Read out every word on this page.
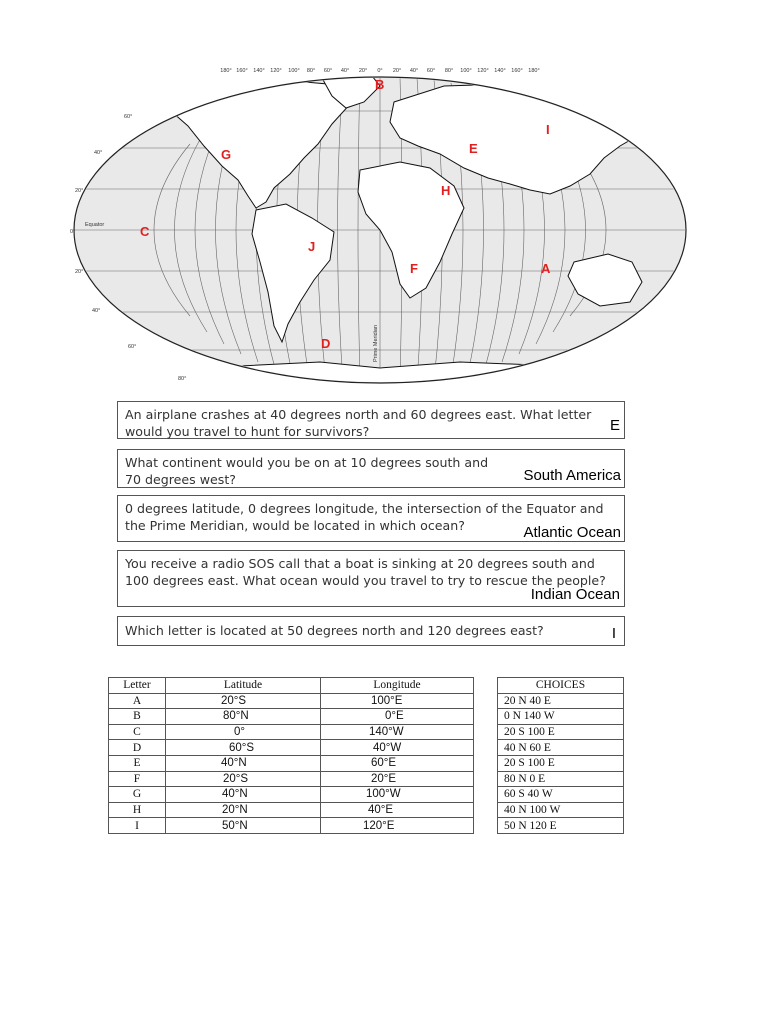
180° 160° 140° 120° 100° 80° 60° 40° 20° 0° 20° 40° 60° 80° 100° 120° 140° 160° 180°
60°
40°
20°
0°
20°
40°
60°
80°
Equator
Prime Meridian
A
B
C
D
E
F
G
H
I
J
An airplane crashes at 40 degrees north and 60 degrees east. What letter would you travel to hunt for survivors?	E
What continent would you be on at 10 degrees south and 70 degrees west?	South America
0 degrees latitude, 0 degrees longitude, the intersection of the Equator and the Prime Meridian, would be located in which ocean?	Atlantic Ocean
You receive a radio SOS call that a boat is sinking at 20 degrees south and 100 degrees east. What ocean would you travel to try to rescue the people?
Indian Ocean
Which letter is located at 50 degrees north and 120 degrees east?	I
Letter	Latitude	Longitude
A	20°S	100°E
B	80°N	0°E
C	0°	140°W
D	60°S	40°W
E	40°N	60°E
F	20°S	20°E
G	40°N	100°W
H	20°N	40°E
I	50°N	120°E
CHOICES
20 N 40 E
0 N 140 W
20 S 100 E
40 N 60 E
20 S 100 E
80 N 0 E
60 S 40 W
40 N 100 W
50 N 120 E
